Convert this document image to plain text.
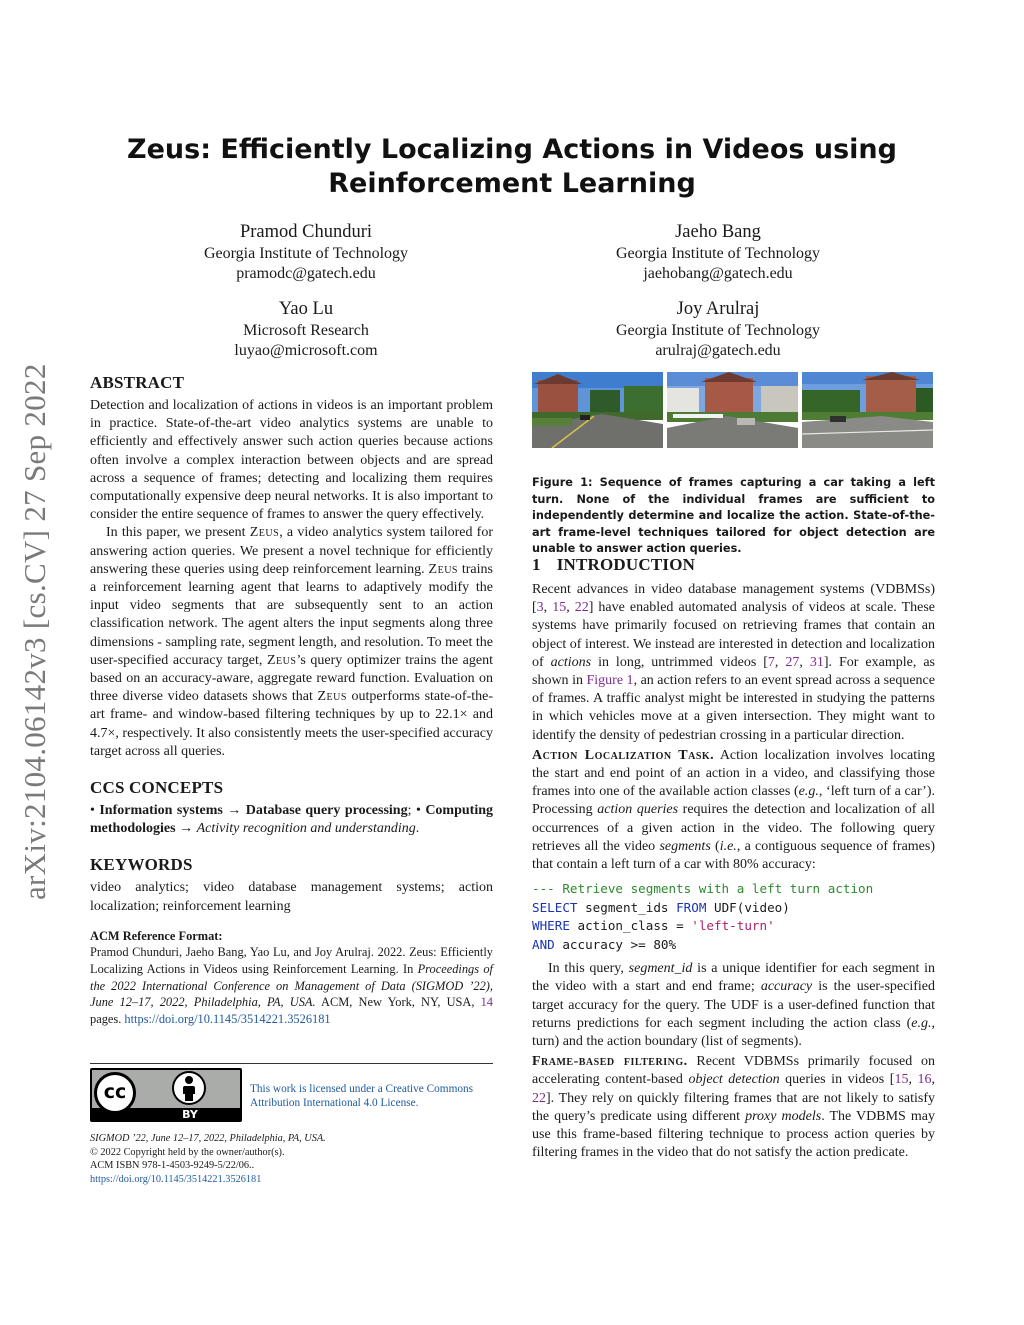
arXiv:2104.06142v3 [cs.CV] 27 Sep 2022
Zeus: Efficiently Localizing Actions in Videos using
Reinforcement Learning
Pramod Chunduri
Georgia Institute of Technology
pramodc@gatech.edu
Jaeho Bang
Georgia Institute of Technology
jaehobang@gatech.edu
Yao Lu
Microsoft Research
luyao@microsoft.com
Joy Arulraj
Georgia Institute of Technology
arulraj@gatech.edu
ABSTRACT

Detection and localization of actions in videos is an important problem in practice. State-of-the-art video analytics systems are unable to efficiently and effectively answer such action queries because actions often involve a complex interaction between objects and are spread across a sequence of frames; detecting and localizing them requires computationally expensive deep neural networks. It is also important to consider the entire sequence of frames to answer the query effectively.

In this paper, we present Zeus, a video analytics system tailored for answering action queries. We present a novel technique for efficiently answering these queries using deep reinforcement learning. Zeus trains a reinforcement learning agent that learns to adaptively modify the input video segments that are subsequently sent to an action classification network. The agent alters the input segments along three dimensions - sampling rate, segment length, and resolution. To meet the user-specified accuracy target, Zeus’s query optimizer trains the agent based on an accuracy-aware, aggregate reward function. Evaluation on three diverse video datasets shows that Zeus outperforms state-of-the-art frame- and window-based filtering techniques by up to 22.1× and 4.7×, respectively. It also consistently meets the user-specified accuracy target across all queries.

CCS CONCEPTS

• Information systems → Database query processing; • Computing methodologies → Activity recognition and understanding.

KEYWORDS

video analytics; video database management systems; action localization; reinforcement learning

ACM Reference Format:
Pramod Chunduri, Jaeho Bang, Yao Lu, and Joy Arulraj. 2022. Zeus: Efficiently Localizing Actions in Videos using Reinforcement Learning. In Proceedings of the 2022 International Conference on Management of Data (SIGMOD ’22), June 12–17, 2022, Philadelphia, PA, USA. ACM, New York, NY, USA, 14 pages. https://doi.org/10.1145/3514221.3526181
cc
BY
This work is licensed under a Creative Commons Attribution International 4.0 License.
SIGMOD ’22, June 12–17, 2022, Philadelphia, PA, USA.
© 2022 Copyright held by the owner/author(s).
ACM ISBN 978-1-4503-9249-5/22/06..
https://doi.org/10.1145/3514221.3526181
Figure 1: Sequence of frames capturing a car taking a left turn. None of the individual frames are sufficient to independently determine and localize the action. State-of-the-art frame-level techniques tailored for object detection are unable to answer action queries.
1 INTRODUCTION

Recent advances in video database management systems (VDBMSs) [3, 15, 22] have enabled automated analysis of videos at scale. These systems have primarily focused on retrieving frames that contain an object of interest. We instead are interested in detection and localization of actions in long, untrimmed videos [7, 27, 31]. For example, as shown in Figure 1, an action refers to an event spread across a sequence of frames. A traffic analyst might be interested in studying the patterns in which vehicles move at a given intersection. They might want to identify the density of pedestrian crossing in a particular direction.

Action Localization Task. Action localization involves locating the start and end point of an action in a video, and classifying those frames into one of the available action classes (e.g., ‘left turn of a car’). Processing action queries requires the detection and localization of all occurrences of a given action in the video. The following query retrieves all the video segments (i.e., a contiguous sequence of frames) that contain a left turn of a car with 80% accuracy:

--- Retrieve segments with a left turn action
SELECT segment_ids FROM UDF(video)
WHERE action_class = 'left-turn'
AND accuracy >= 80%

In this query, segment_id is a unique identifier for each segment in the video with a start and end frame; accuracy is the user-specified target accuracy for the query. The UDF is a user-defined function that returns predictions for each segment including the action class (e.g., turn) and the action boundary (list of segments).

Frame-based filtering. Recent VDBMSs primarily focused on accelerating content-based object detection queries in videos [15, 16, 22]. They rely on quickly filtering frames that are not likely to satisfy the query’s predicate using different proxy models. The VDBMS may use this frame-based filtering technique to process action queries by filtering frames in the video that do not satisfy the action predicate.
